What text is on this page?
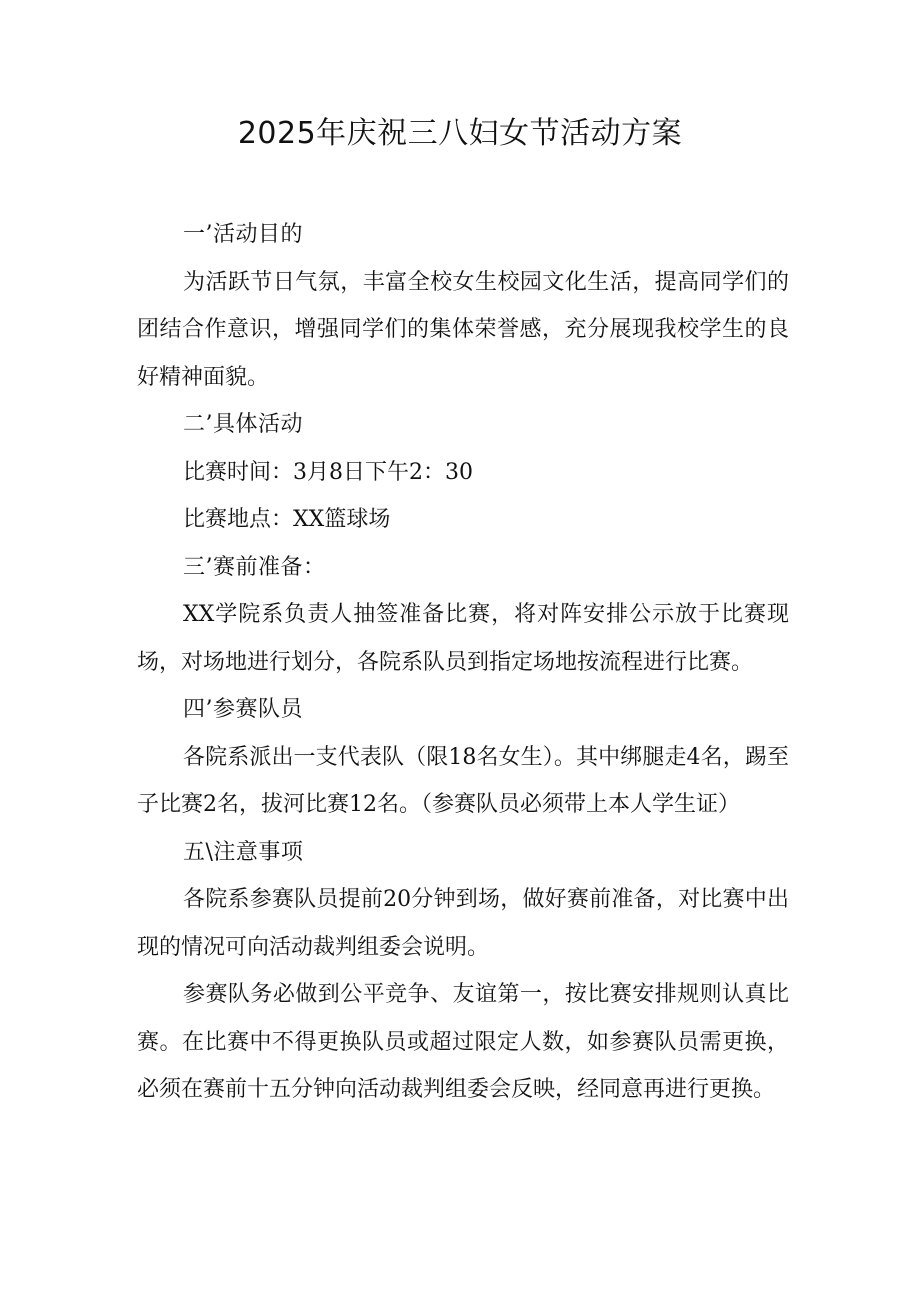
2025年庆祝三八妇女节活动方案

一’活动目的

为活跃节日气氛，丰富全校女生校园文化生活，提高同学们的团结合作意识，增强同学们的集体荣誉感，充分展现我校学生的良好精神面貌。

二’具体活动

比赛时间：3月8日下午2：30

比赛地点：XX篮球场

三’赛前准备：

XX学院系负责人抽签准备比赛，将对阵安排公示放于比赛现场，对场地进行划分，各院系队员到指定场地按流程进行比赛。

四’参赛队员

各院系派出一支代表队（限18名女生）。其中绑腿走4名，踢至子比赛2名，拔河比赛12名。（参赛队员必须带上本人学生证）

五\注意事项

各院系参赛队员提前20分钟到场，做好赛前准备，对比赛中出现的情况可向活动裁判组委会说明。

参赛队务必做到公平竞争、友谊第一，按比赛安排规则认真比赛。在比赛中不得更换队员或超过限定人数，如参赛队员需更换，必须在赛前十五分钟向活动裁判组委会反映，经同意再进行更换。
